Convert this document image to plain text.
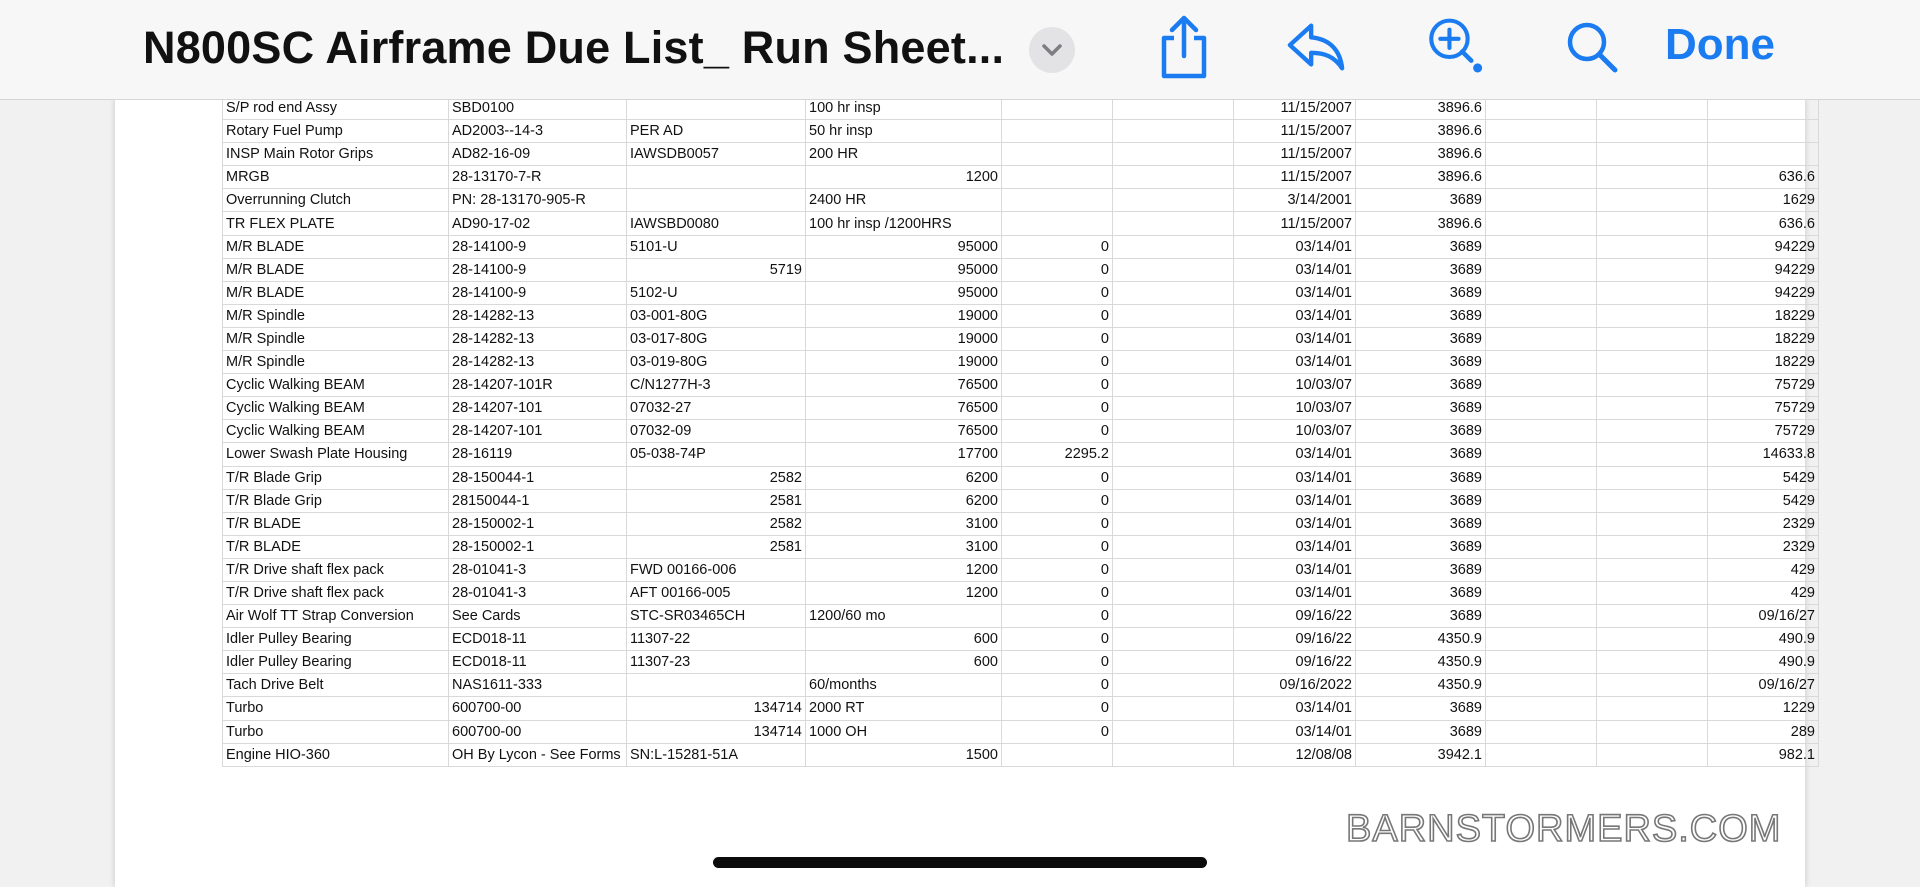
S/P rod end Assy	SBD0100		100 hr insp			11/15/2007	3896.6			
Rotary Fuel Pump	AD2003--14-3	PER AD	50 hr insp			11/15/2007	3896.6			
INSP Main Rotor Grips	AD82-16-09	IAWSDB0057	200 HR			11/15/2007	3896.6			
MRGB	28-13170-7-R		1200			11/15/2007	3896.6			636.6
Overrunning Clutch	PN: 28-13170-905-R		2400 HR			3/14/2001	3689			1629
TR FLEX PLATE	AD90-17-02	IAWSBD0080	100 hr insp /1200HRS			11/15/2007	3896.6			636.6
M/R BLADE	28-14100-9	5101-U	95000	0		03/14/01	3689			94229
M/R BLADE	28-14100-9	5719	95000	0		03/14/01	3689			94229
M/R BLADE	28-14100-9	5102-U	95000	0		03/14/01	3689			94229
M/R Spindle	28-14282-13	03-001-80G	19000	0		03/14/01	3689			18229
M/R Spindle	28-14282-13	03-017-80G	19000	0		03/14/01	3689			18229
M/R Spindle	28-14282-13	03-019-80G	19000	0		03/14/01	3689			18229
Cyclic Walking BEAM	28-14207-101R	C/N1277H-3	76500	0		10/03/07	3689			75729
Cyclic Walking BEAM	28-14207-101	07032-27	76500	0		10/03/07	3689			75729
Cyclic Walking BEAM	28-14207-101	07032-09	76500	0		10/03/07	3689			75729
Lower Swash Plate Housing	28-16119	05-038-74P	17700	2295.2		03/14/01	3689			14633.8
T/R Blade Grip	28-150044-1	2582	6200	0		03/14/01	3689			5429
T/R Blade Grip	28150044-1	2581	6200	0		03/14/01	3689			5429
T/R BLADE	28-150002-1	2582	3100	0		03/14/01	3689			2329
T/R BLADE	28-150002-1	2581	3100	0		03/14/01	3689			2329
T/R Drive shaft flex pack	28-01041-3	FWD 00166-006	1200	0		03/14/01	3689			429
T/R Drive shaft flex pack	28-01041-3	AFT 00166-005	1200	0		03/14/01	3689			429
Air Wolf TT Strap Conversion	See Cards	STC-SR03465CH	1200/60 mo	0		09/16/22	3689			09/16/27
Idler Pulley Bearing	ECD018-11	11307-22	600	0		09/16/22	4350.9			490.9
Idler Pulley Bearing	ECD018-11	11307-23	600	0		09/16/22	4350.9			490.9
Tach Drive Belt	NAS1611-333		60/months	0		09/16/2022	4350.9			09/16/27
Turbo	600700-00	134714	2000 RT	0		03/14/01	3689			1229
Turbo	600700-00	134714	1000 OH	0		03/14/01	3689			289
Engine HIO-360	OH By Lycon - See Forms	SN:L-15281-51A	1500			12/08/08	3942.1			982.1
N800SC Airframe Due List_ Run Sheet...	Done
BARNSTORMERS.COM
